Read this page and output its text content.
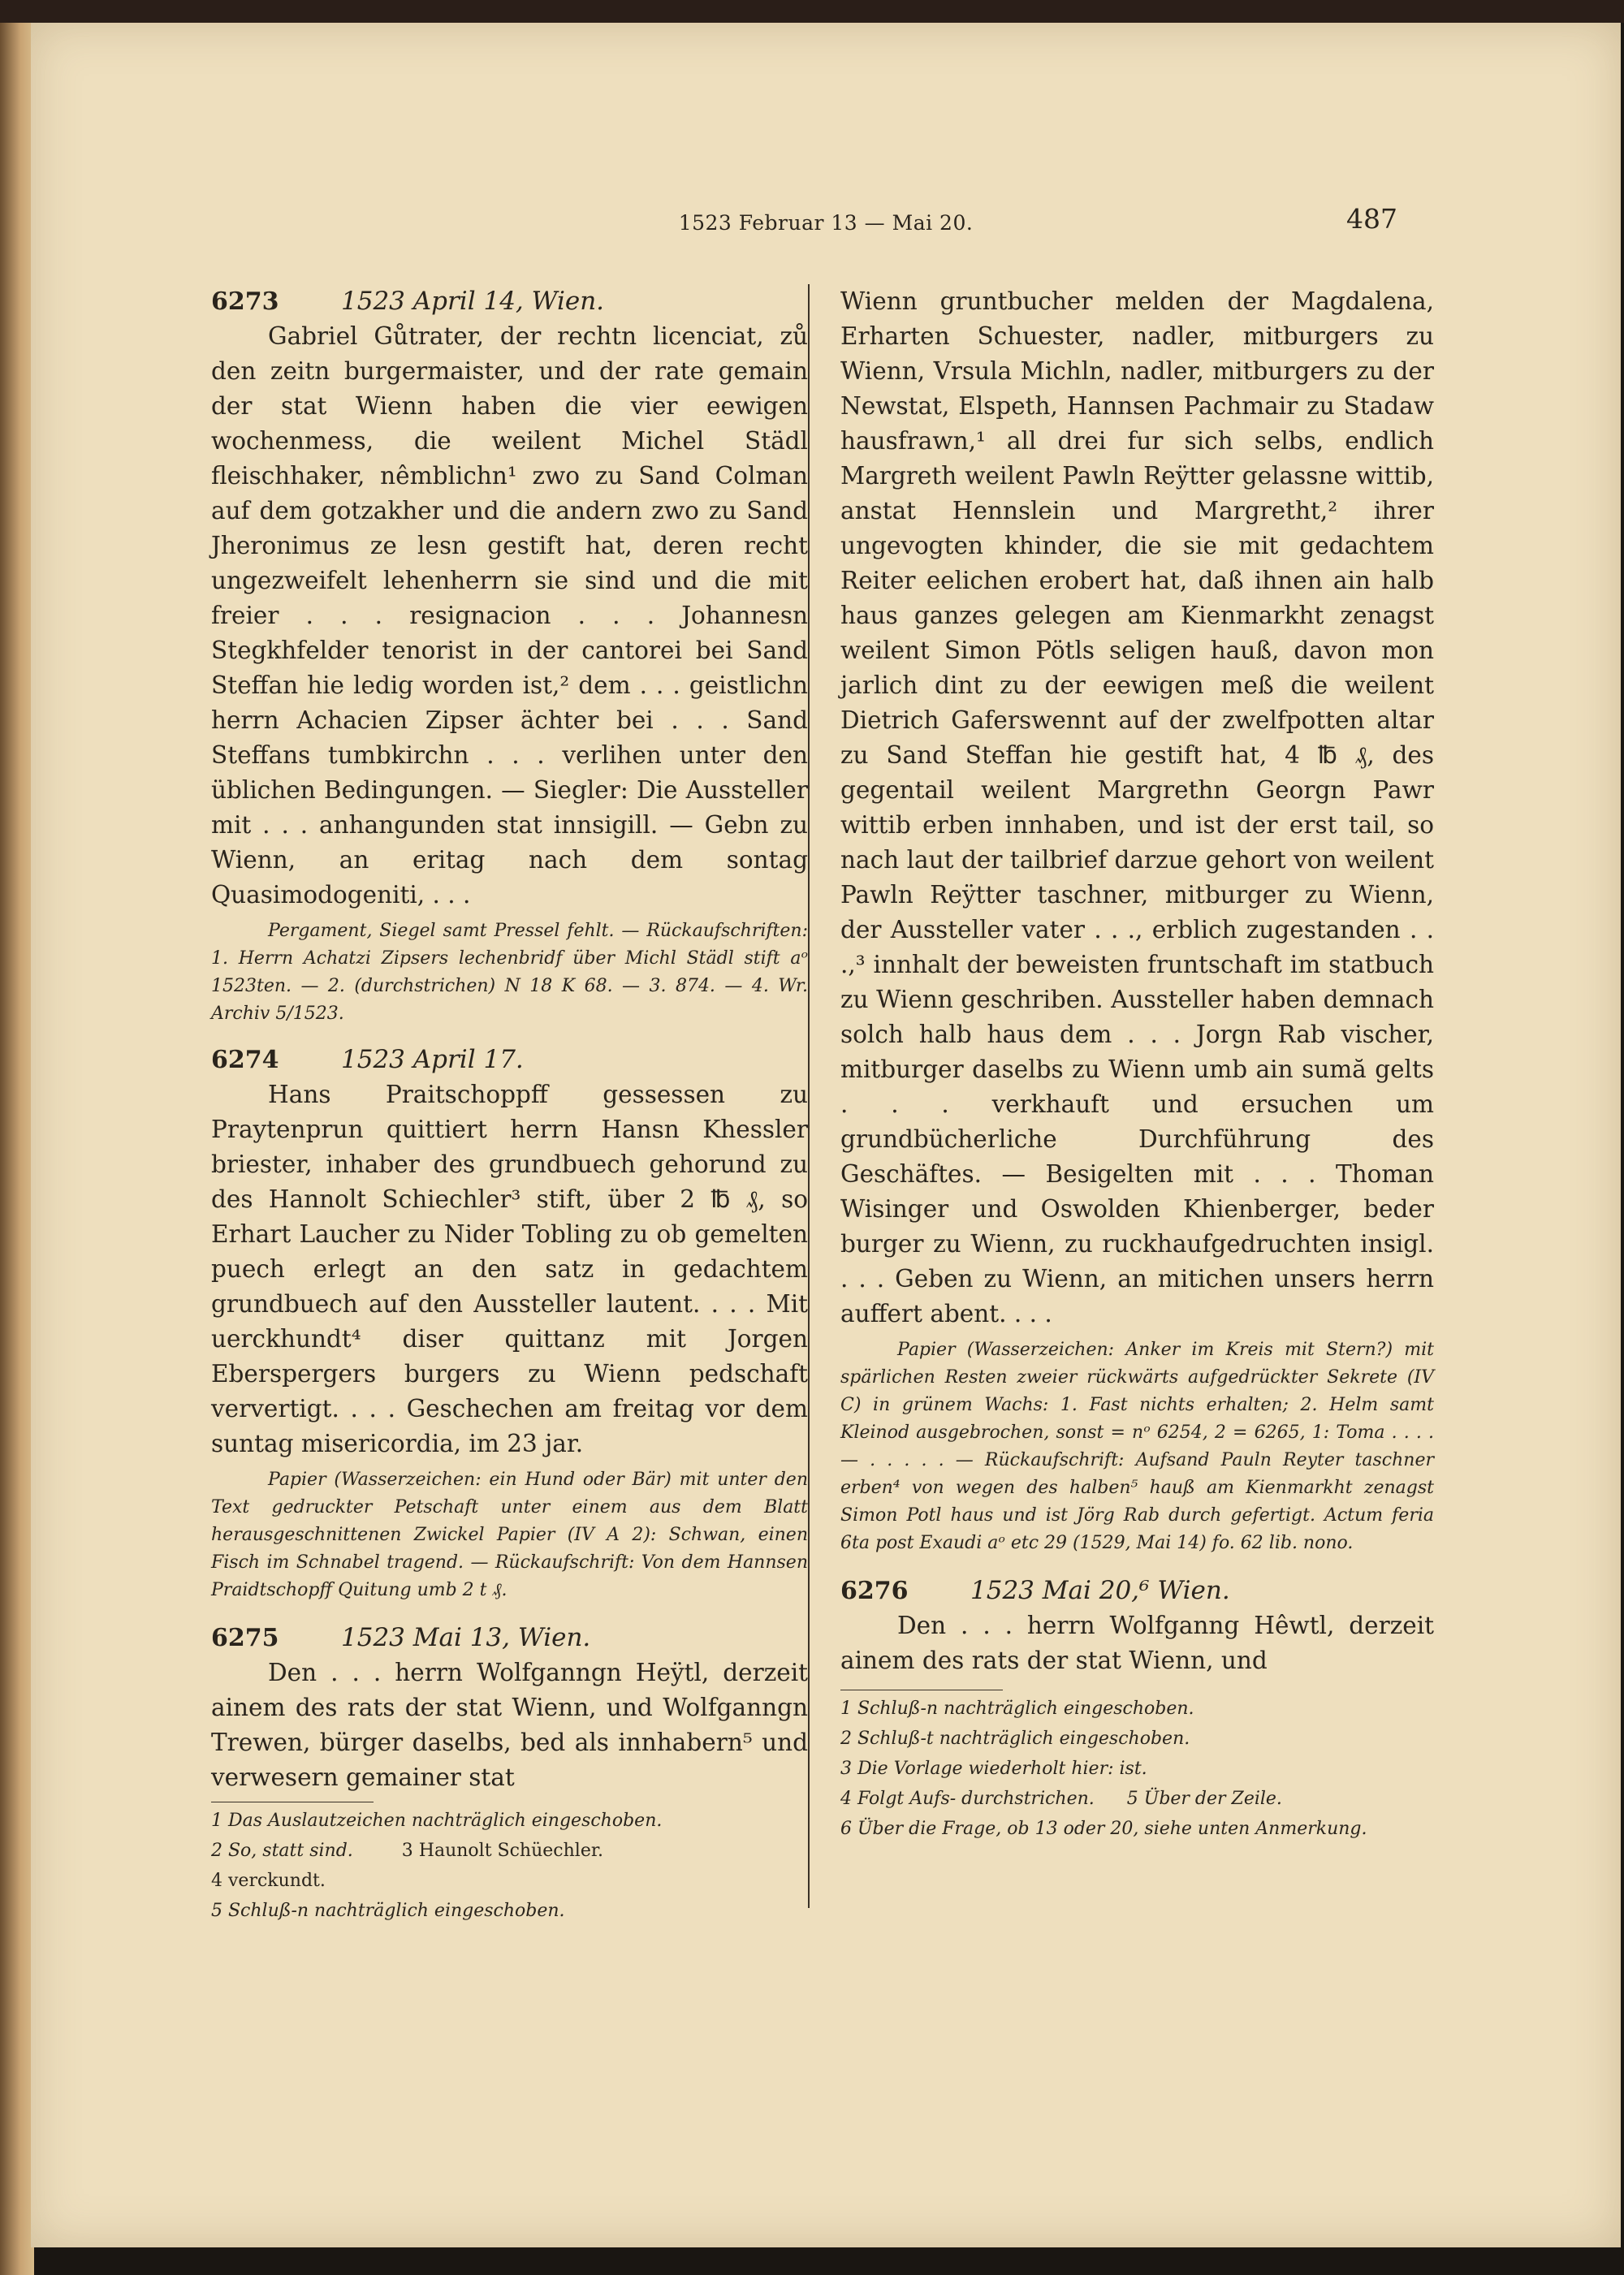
1523 Februar 13 — Mai 20.	487
6273	1523 April 14, Wien.

Gabriel Gůtrater, der rechtn licenciat, zů den zeitn burgermaister, und der rate gemain der stat Wienn haben die vier eewigen wochenmess, die weilent Michel Städl fleischhaker, nêmblichn¹ zwo zu Sand Colman auf dem gotzakher und die andern zwo zu Sand Jheronimus ze lesn gestift hat, deren recht ungezweifelt lehenherrn sie sind und die mit freier . . . resignacion . . . Johannesn Stegkhfelder tenorist in der cantorei bei Sand Steffan hie ledig worden ist,² dem . . . geistlichn herrn Achacien Zipser ächter bei . . . Sand Steffans tumbkirchn . . . verlihen unter den üblichen Bedingungen. — Siegler: Die Aussteller mit . . . anhangunden stat innsigill. — Gebn zu Wienn, an eritag nach dem sontag Quasimodogeniti, . . .

Pergament, Siegel samt Pressel fehlt. — Rückaufschriften: 1. Herrn Achatzi Zipsers lechenbridf über Michl Städl stift aᵒ 1523ten. — 2. (durchstrichen) N 18 K 68. — 3. 874. — 4. Wr. Archiv 5/1523.

6274	1523 April 17.

Hans Praitschoppff gessessen zu Praytenprun quittiert herrn Hansn Khessler briester, inhaber des grundbuech gehorund zu des Hannolt Schiechler³ stift, über 2 ℔ ₰, so Erhart Laucher zu Nider Tobling zu ob gemelten puech erlegt an den satz in gedachtem grundbuech auf den Aussteller lautent. . . . Mit uerckhundt⁴ diser quittanz mit Jorgen Eberspergers burgers zu Wienn pedschaft ververtigt. . . . Geschechen am freitag vor dem suntag misericordia, im 23 jar.

Papier (Wasserzeichen: ein Hund oder Bär) mit unter den Text gedruckter Petschaft unter einem aus dem Blatt herausgeschnittenen Zwickel Papier (IV A 2): Schwan, einen Fisch im Schnabel tragend. — Rückaufschrift: Von dem Hannsen Praidtschopff Quitung umb 2 t ₰.

6275	1523 Mai 13, Wien.

Den . . . herrn Wolfganngn Heÿtl, derzeit ainem des rats der stat Wienn, und Wolfganngn Trewen, bürger daselbs, bed als innhabern⁵ und verwesern gemainer stat

1 Das Auslautzeichen nachträglich eingeschoben.
2 So, statt sind.	3 Haunolt Schüechler.
4 verckundt.
5 Schluß-n nachträglich eingeschoben.

Wienn gruntbucher melden der Magdalena, Erharten Schuester, nadler, mitburgers zu Wienn, Vrsula Michln, nadler, mitburgers zu der Newstat, Elspeth, Hannsen Pachmair zu Stadaw hausfrawn,¹ all drei fur sich selbs, endlich Margreth weilent Pawln Reÿtter gelassne wittib, anstat Hennslein und Margretht,² ihrer ungevogten khinder, die sie mit gedachtem Reiter eelichen erobert hat, daß ihnen ain halb haus ganzes gelegen am Kienmarkht zenagst weilent Simon Pötls seligen hauß, davon mon jarlich dint zu der eewigen meß die weilent Dietrich Gaferswennt auf der zwelfpotten altar zu Sand Steffan hie gestift hat, 4 ℔ ₰, des gegentail weilent Margrethn Georgn Pawr wittib erben innhaben, und ist der erst tail, so nach laut der tailbrief darzue gehort von weilent Pawln Reÿtter taschner, mitburger zu Wienn, der Aussteller vater . . ., erblich zugestanden . . .,³ innhalt der beweisten fruntschaft im statbuch zu Wienn geschriben. Aussteller haben demnach solch halb haus dem . . . Jorgn Rab vischer, mitburger daselbs zu Wienn umb ain sumă gelts . . . verkhauft und ersuchen um grundbücherliche Durchführung des Geschäftes. — Besigelten mit . . . Thoman Wisinger und Oswolden Khienberger, beder burger zu Wienn, zu ruckhaufgedruchten insigl. . . . Geben zu Wienn, an mitichen unsers herrn auffert abent. . . .

Papier (Wasserzeichen: Anker im Kreis mit Stern?) mit spärlichen Resten zweier rückwärts aufgedrückter Sekrete (IV C) in grünem Wachs: 1. Fast nichts erhalten; 2. Helm samt Kleinod ausgebrochen, sonst = nᵒ 6254, 2 = 6265, 1: Toma . . . . — . . . . . — Rückaufschrift: Aufsand Pauln Reyter taschner erben⁴ von wegen des halben⁵ hauß am Kienmarkht zenagst Simon Potl haus und ist Jörg Rab durch gefertigt. Actum feria 6ta post Exaudi aᵒ etc 29 (1529, Mai 14) fo. 62 lib. nono.

6276	1523 Mai 20,⁶ Wien.

Den . . . herrn Wolfganng Hêwtl, derzeit ainem des rats der stat Wienn, und

1 Schluß-n nachträglich eingeschoben.
2 Schluß-t nachträglich eingeschoben.
3 Die Vorlage wiederholt hier: ist.
4 Folgt Aufs- durchstrichen. 5 Über der Zeile.
6 Über die Frage, ob 13 oder 20, siehe unten Anmerkung.
